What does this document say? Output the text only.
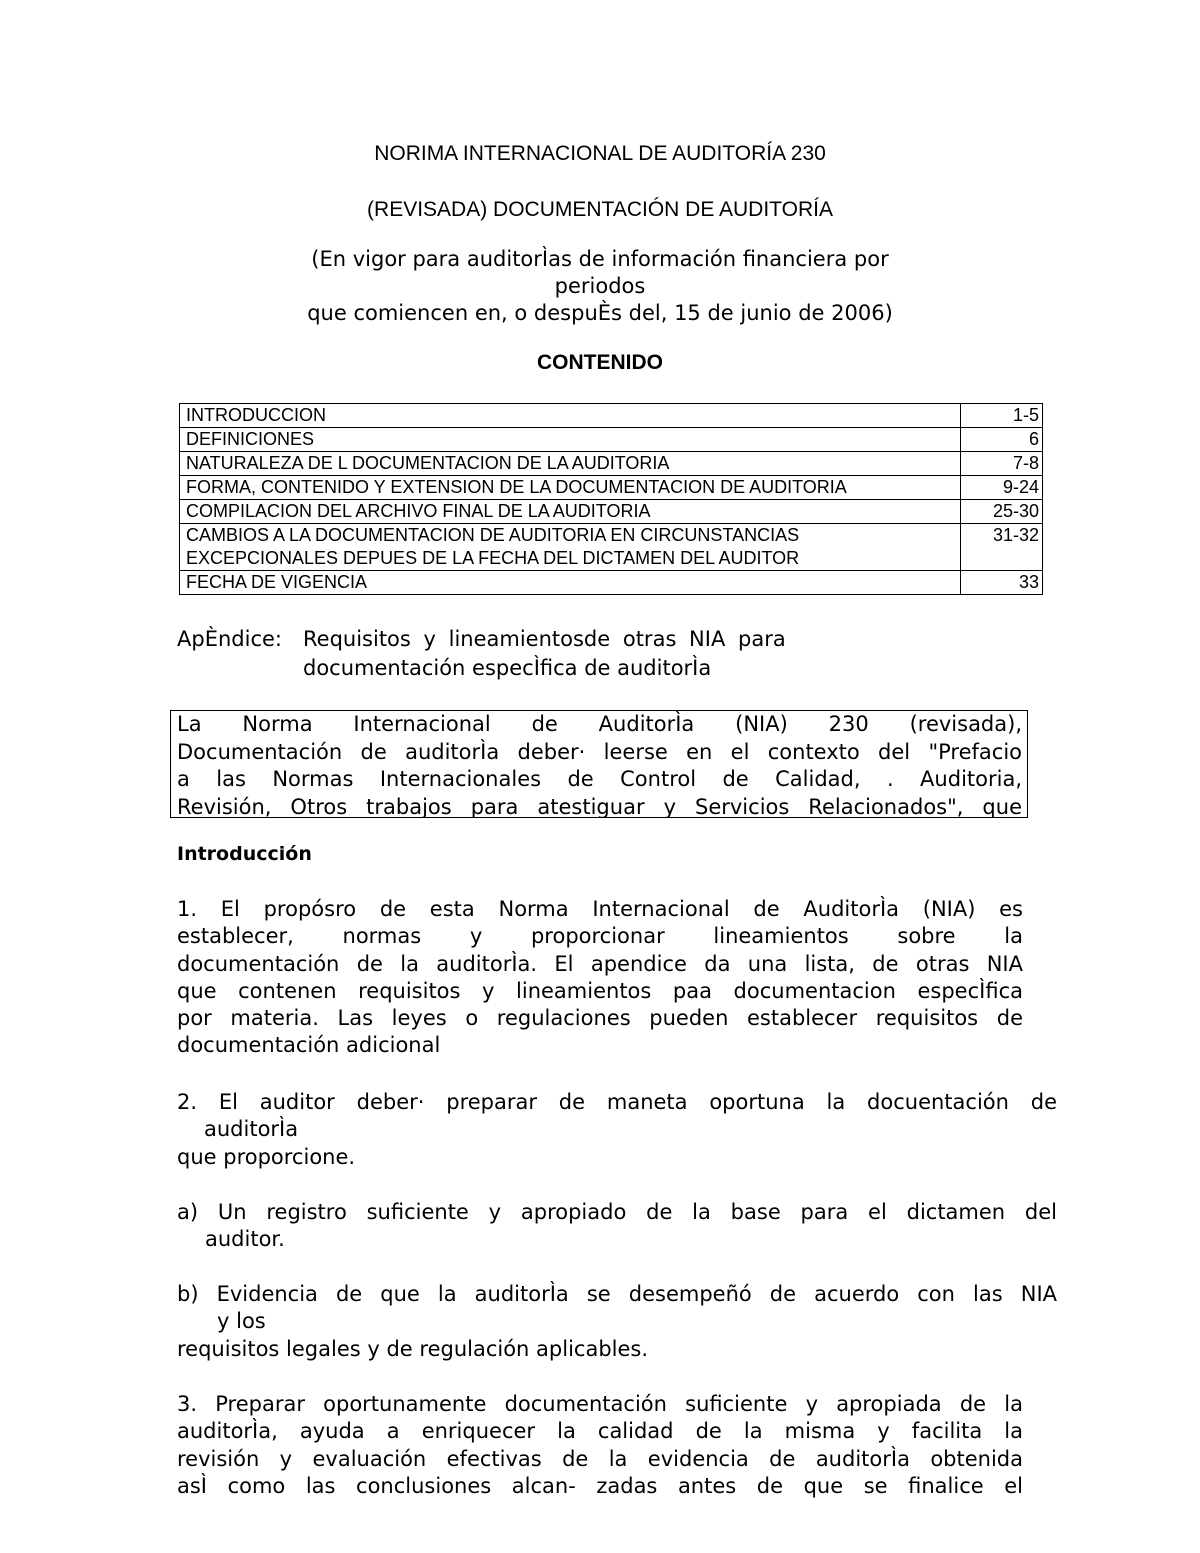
NORIMA INTERNACIONAL DE AUDITORÍA 230
(REVISADA) DOCUMENTACIÓN DE AUDITORÍA
(En vigor para auditorÌas de información financiera por
periodos
que comiencen en, o despuÈs del, 15 de junio de 2006)
CONTENIDO
INTRODUCCION	1-5
DEFINICIONES	6
NATURALEZA DE L DOCUMENTACION DE LA AUDITORIA	7-8
FORMA, CONTENIDO Y EXTENSION DE LA DOCUMENTACION DE AUDITORIA	9-24
COMPILACION DEL ARCHIVO FINAL DE LA AUDITORIA	25-30

CAMBIOS A LA DOCUMENTACION DE AUDITORIA EN CIRCUNSTANCIAS
EXCEPCIONALES DEPUES DE LA FECHA DEL DICTAMEN DEL AUDITOR	31-32
FECHA DE VIGENCIA	33
ApÈndice: Requisitos y lineamientosde otras NIA para
documentación especÌfica de auditorÌa

La Norma Internacional de AuditorÌa (NIA) 230 (revisada),

Documentación de auditorÌa deber· leerse en el contexto del "Prefacio

a las Normas Internacionales de Control de Calidad, . Auditoria,

Revisión, Otros trabajos para atestiguar y Servicios Relacionados", que

Introducción
1. El propósro de esta Norma Internacional de AuditorÌa (NIA) es
establecer, normas y proporcionar lineamientos sobre la
documentación de la auditorÌa. El apendice da una lista, de otras NIA
que contenen requisitos y lineamientos paa documentacion especÌfica
por materia. Las leyes o regulaciones pueden establecer requisitos de
documentación adicional
2. El auditor deber· preparar de maneta oportuna la docuentación de
auditorÌa
que proporcione.
a) Un registro suficiente y apropiado de la base para el dictamen del
auditor.
b) Evidencia de que la auditorÌa se desempeñó de acuerdo con las NIA
y los
requisitos legales y de regulación aplicables.
3. Preparar oportunamente documentación suficiente y apropiada de la
auditorÌa, ayuda a enriquecer la calidad de la misma y facilita la
revisión y evaluación efectivas de la evidencia de auditorÌa obtenida
asÌ como las conclusiones alcan- zadas antes de que se finalice el
